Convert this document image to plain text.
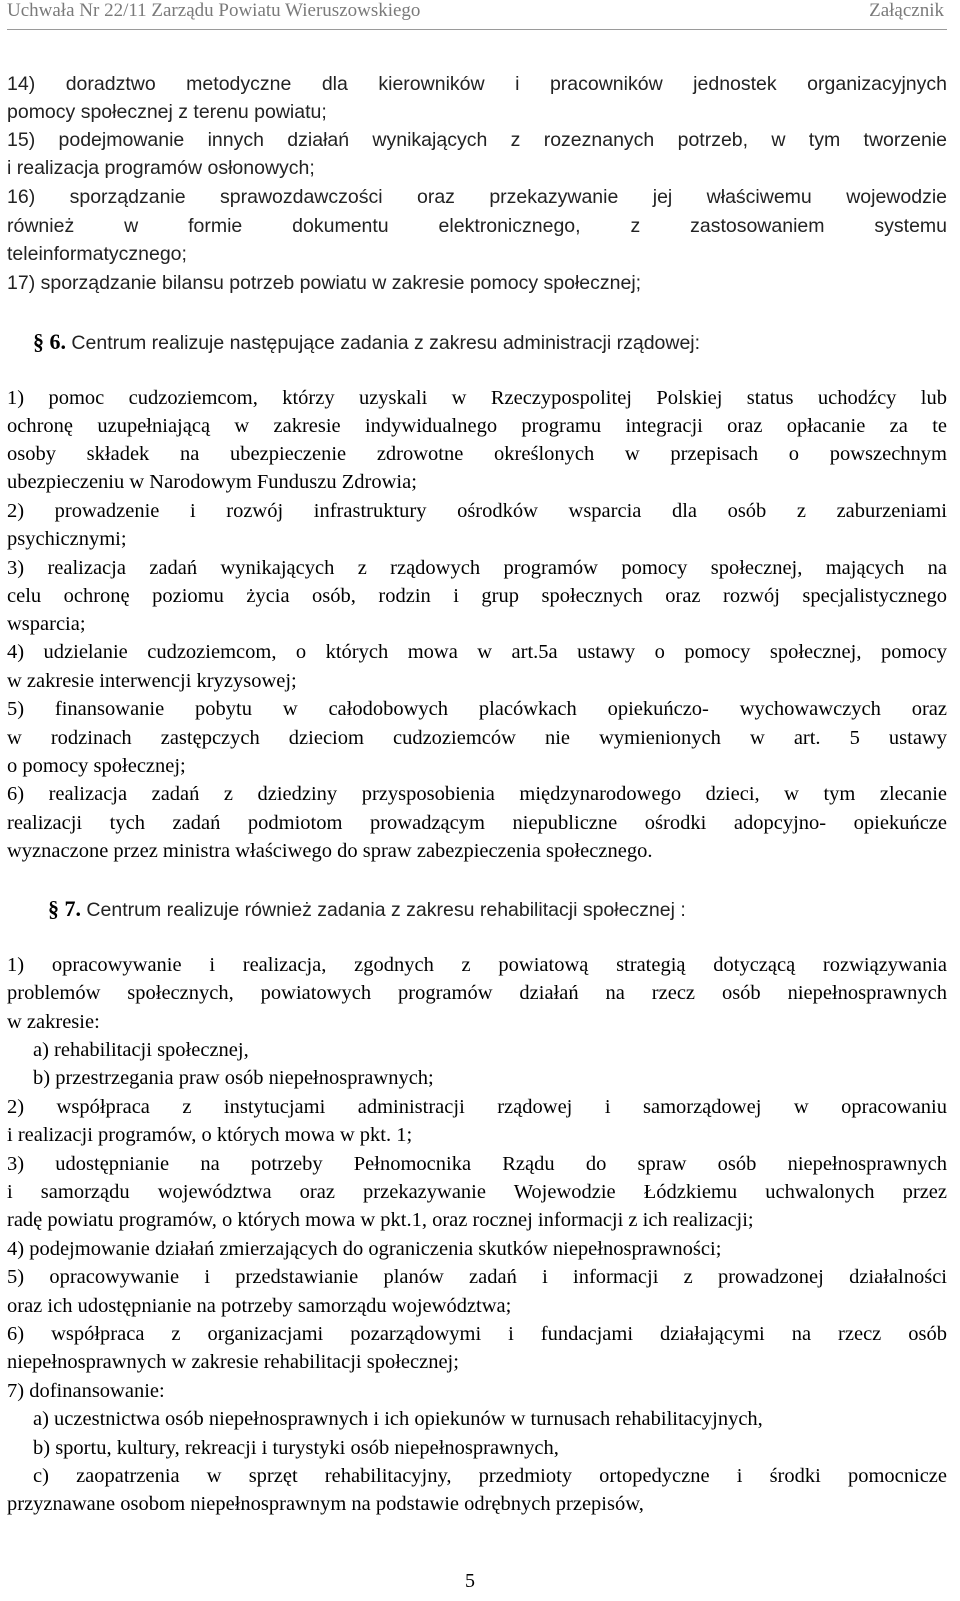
Uchwała Nr 22/11 Zarządu Powiatu Wieruszowskiego	Załącznik
14) doradztwo metodyczne dla kierowników i pracowników jednostek organizacyjnych
pomocy społecznej z terenu powiatu;
15) podejmowanie innych działań wynikających z rozeznanych potrzeb, w tym tworzenie
i realizacja programów osłonowych;
16) sporządzanie sprawozdawczości oraz przekazywanie jej właściwemu wojewodzie
również w formie dokumentu elektronicznego, z zastosowaniem systemu
teleinformatycznego;
17) sporządzanie bilansu potrzeb powiatu w zakresie pomocy społecznej;
§ 6. Centrum realizuje następujące zadania z zakresu administracji rządowej:
1) pomoc cudzoziemcom, którzy uzyskali w Rzeczypospolitej Polskiej status uchodźcy lub
ochronę uzupełniającą w zakresie indywidualnego programu integracji oraz opłacanie za te
osoby składek na ubezpieczenie zdrowotne określonych w przepisach o powszechnym
ubezpieczeniu w Narodowym Funduszu Zdrowia;
2) prowadzenie i rozwój infrastruktury ośrodków wsparcia dla osób z zaburzeniami
psychicznymi;
3) realizacja zadań wynikających z rządowych programów pomocy społecznej, mających na
celu ochronę poziomu życia osób, rodzin i grup społecznych oraz rozwój specjalistycznego
wsparcia;
4) udzielanie cudzoziemcom, o których mowa w art.5a ustawy o pomocy społecznej, pomocy
w zakresie interwencji kryzysowej;
5) finansowanie pobytu w całodobowych placówkach opiekuńczo- wychowawczych oraz
w rodzinach zastępczych dzieciom cudzoziemców nie wymienionych w art. 5 ustawy
o pomocy społecznej;
6) realizacja zadań z dziedziny przysposobienia międzynarodowego dzieci, w tym zlecanie
realizacji tych zadań podmiotom prowadzącym niepubliczne ośrodki adopcyjno- opiekuńcze
wyznaczone przez ministra właściwego do spraw zabezpieczenia społecznego.
§ 7. Centrum realizuje również zadania z zakresu rehabilitacji społecznej :
1) opracowywanie i realizacja, zgodnych z powiatową strategią dotyczącą rozwiązywania
problemów społecznych, powiatowych programów działań na rzecz osób niepełnosprawnych
w zakresie:
a) rehabilitacji społecznej,
b) przestrzegania praw osób niepełnosprawnych;
2) współpraca z instytucjami administracji rządowej i samorządowej w opracowaniu
i realizacji programów, o których mowa w pkt. 1;
3) udostępnianie na potrzeby Pełnomocnika Rządu do spraw osób niepełnosprawnych
i samorządu województwa oraz przekazywanie Wojewodzie Łódzkiemu uchwalonych przez
radę powiatu programów, o których mowa w pkt.1, oraz rocznej informacji z ich realizacji;
4) podejmowanie działań zmierzających do ograniczenia skutków niepełnosprawności;
5) opracowywanie i przedstawianie planów zadań i informacji z prowadzonej działalności
oraz ich udostępnianie na potrzeby samorządu województwa;
6) współpraca z organizacjami pozarządowymi i fundacjami działającymi na rzecz osób
niepełnosprawnych w zakresie rehabilitacji społecznej;
7) dofinansowanie:
a) uczestnictwa osób niepełnosprawnych i ich opiekunów w turnusach rehabilitacyjnych,
b) sportu, kultury, rekreacji i turystyki osób niepełnosprawnych,
c) zaopatrzenia w sprzęt rehabilitacyjny, przedmioty ortopedyczne i środki pomocnicze
przyznawane osobom niepełnosprawnym na podstawie odrębnych przepisów,
5
